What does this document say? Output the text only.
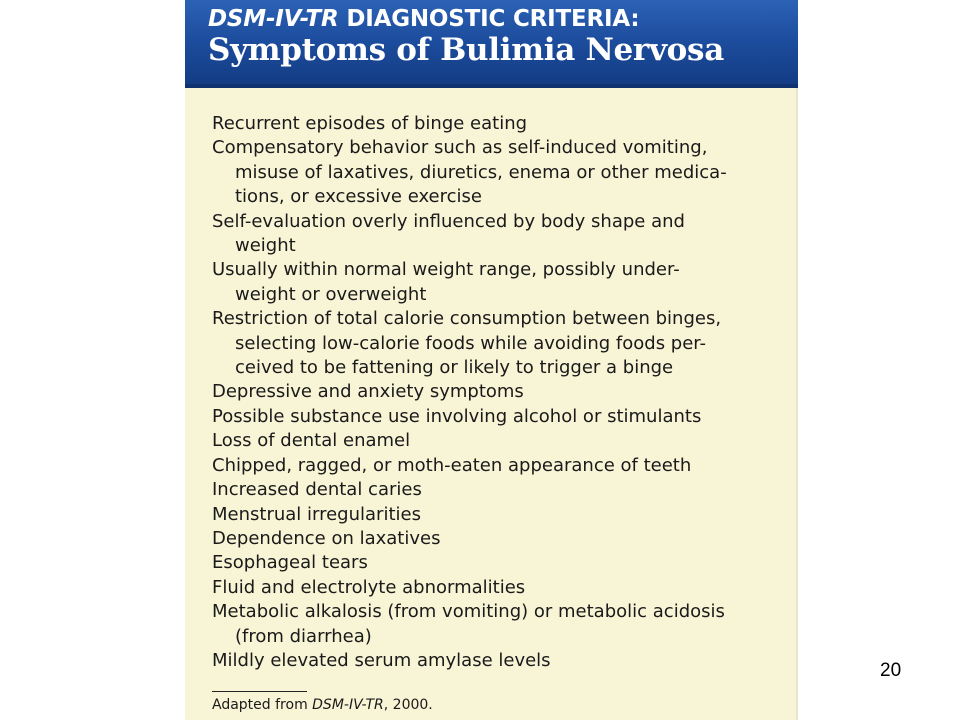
DSM-IV-TR DIAGNOSTIC CRITERIA:
Symptoms of Bulimia Nervosa
Recurrent episodes of binge eating
Compensatory behavior such as self-induced vomiting,
misuse of laxatives, diuretics, enema or other medica-
tions, or excessive exercise
Self-evaluation overly influenced by body shape and
weight
Usually within normal weight range, possibly under-
weight or overweight
Restriction of total calorie consumption between binges,
selecting low-calorie foods while avoiding foods per-
ceived to be fattening or likely to trigger a binge
Depressive and anxiety symptoms
Possible substance use involving alcohol or stimulants
Loss of dental enamel
Chipped, ragged, or moth-eaten appearance of teeth
Increased dental caries
Menstrual irregularities
Dependence on laxatives
Esophageal tears
Fluid and electrolyte abnormalities
Metabolic alkalosis (from vomiting) or metabolic acidosis
(from diarrhea)
Mildly elevated serum amylase levels
Adapted from DSM-IV-TR, 2000.
20
